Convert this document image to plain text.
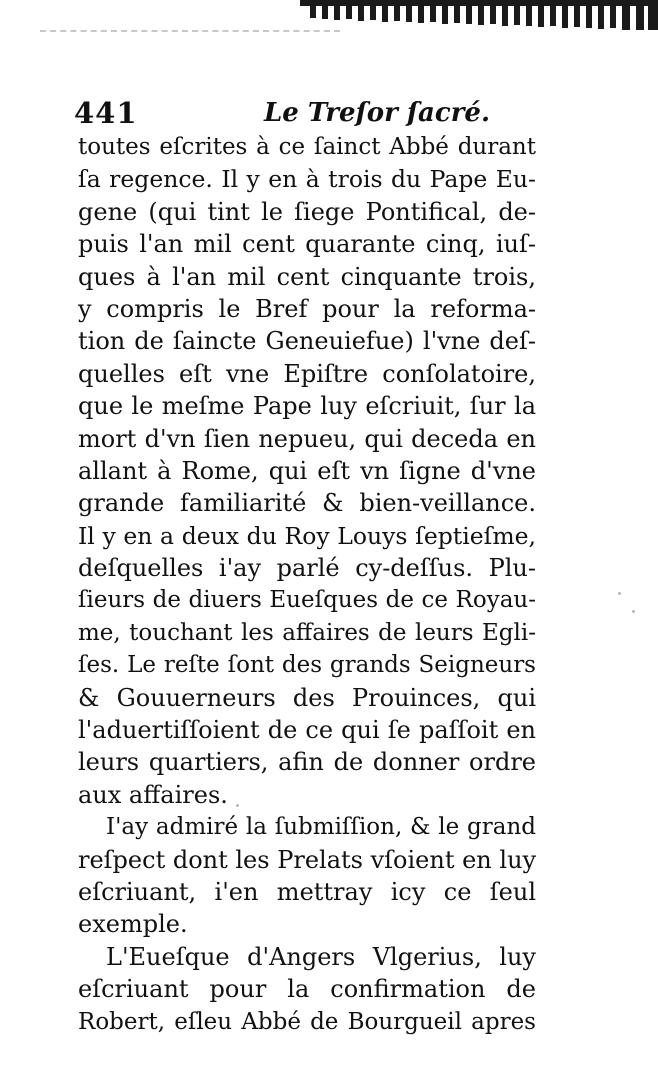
441	Le Treſor ſacré.
toutes eſcrites à ce ſainct Abbé durant
ſa regence. Il y en à trois du Pape Eu-
gene (qui tint le ſiege Pontifical, de-
puis l'an mil cent quarante cinq, iuſ-
ques à l'an mil cent cinquante trois,
y compris le Bref pour la reforma-
tion de ſaincte Geneuiefue) l'vne deſ-
quelles eſt vne Epiſtre conſolatoire,
que le meſme Pape luy eſcriuit, ſur la
mort d'vn ſien nepueu, qui deceda en
allant à Rome, qui eſt vn ſigne d'vne
grande familiarité & bien-veillance.
Il y en a deux du Roy Louys ſeptieſme,
deſquelles i'ay parlé cy-deſſus. Plu-
ſieurs de diuers Eueſques de ce Royau-
me, touchant les affaires de leurs Egli-
ſes. Le reſte ſont des grands Seigneurs
& Gouuerneurs des Prouinces, qui
l'aduertiſſoient de ce qui ſe paſſoit en
leurs quartiers, afin de donner ordre
aux affaires.
I'ay admiré la ſubmiſſion, & le grand
reſpect dont les Prelats vſoient en luy
eſcriuant, i'en mettray icy ce ſeul
exemple.
L'Eueſque d'Angers Vlgerius, luy
eſcriuant pour la confirmation de
Robert, eſleu Abbé de Bourgueil apres
